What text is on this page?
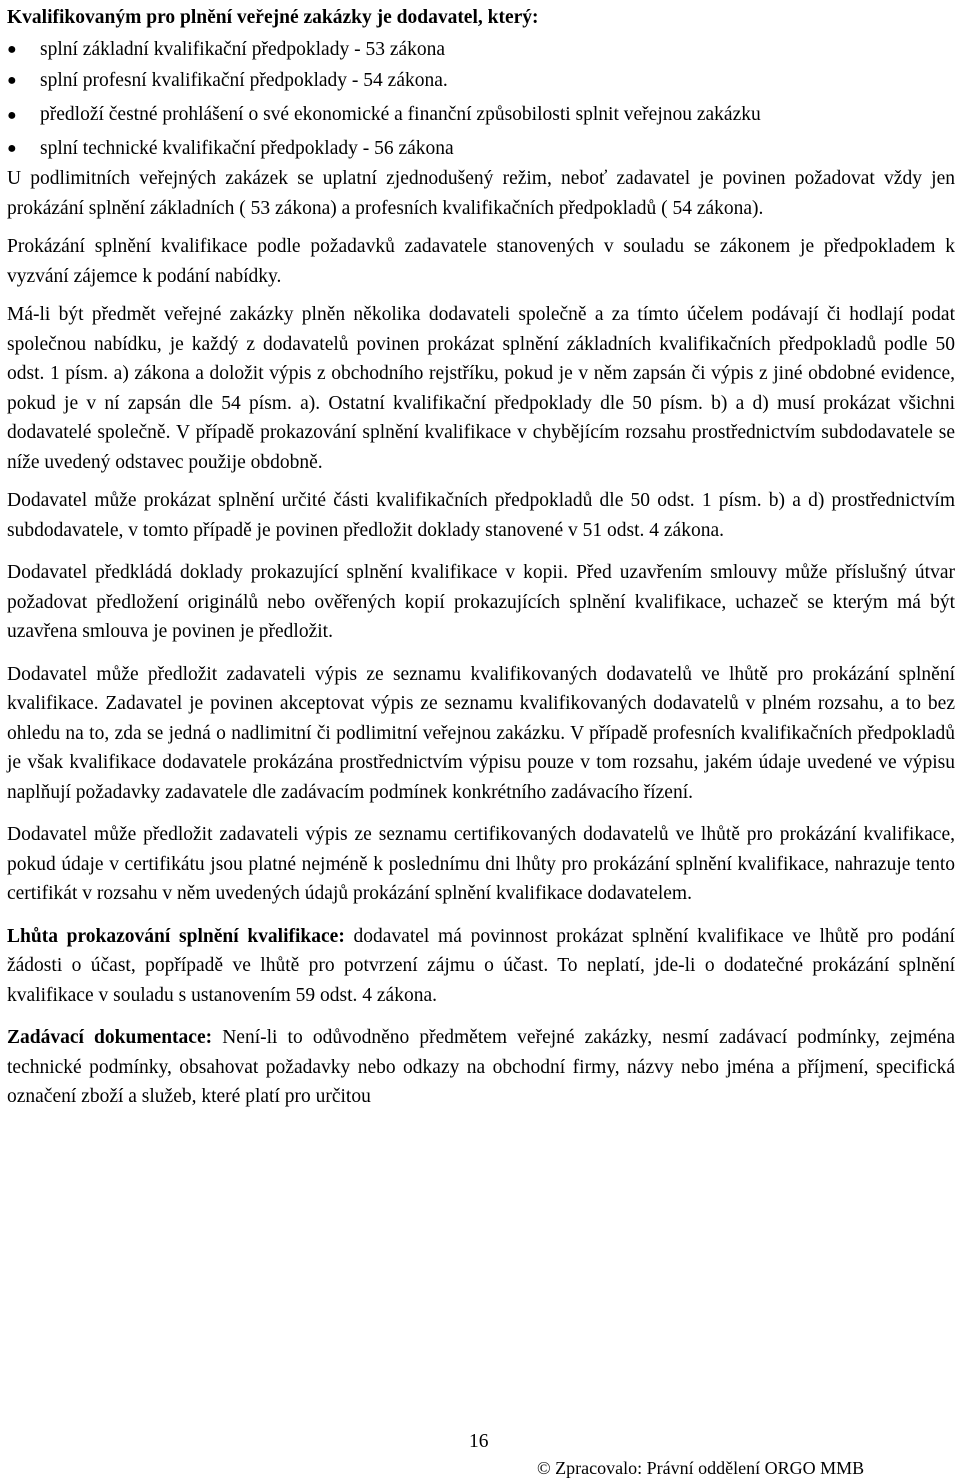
Kvalifikovaným pro plnění veřejné zakázky je dodavatel, který:

● splní základní kvalifikační předpoklady - 53 zákona
● splní profesní kvalifikační předpoklady - 54 zákona.
● předloží čestné prohlášení o své ekonomické a finanční způsobilosti splnit veřejnou zakázku
● splní technické kvalifikační předpoklady - 56 zákona

U podlimitních veřejných zakázek se uplatní zjednodušený režim, neboť zadavatel je povinen požadovat vždy jen prokázání splnění základních ( 53 zákona) a profesních kvalifikačních předpokladů ( 54 zákona).

Prokázání splnění kvalifikace podle požadavků zadavatele stanovených v souladu se zákonem je předpokladem k vyzvání zájemce k podání nabídky.

Má-li být předmět veřejné zakázky plněn několika dodavateli společně a za tímto účelem podávají či hodlají podat společnou nabídku, je každý z dodavatelů povinen prokázat splnění základních kvalifikačních předpokladů podle 50 odst. 1 písm. a) zákona a doložit výpis z obchodního rejstříku, pokud je v něm zapsán či výpis z jiné obdobné evidence, pokud je v ní zapsán dle 54 písm. a). Ostatní kvalifikační předpoklady dle 50 písm. b) a d) musí prokázat všichni dodavatelé společně. V případě prokazování splnění kvalifikace v chybějícím rozsahu prostřednictvím subdodavatele se níže uvedený odstavec použije obdobně.

Dodavatel může prokázat splnění určité části kvalifikačních předpokladů dle 50 odst. 1 písm. b) a d) prostřednictvím subdodavatele, v tomto případě je povinen předložit doklady stanovené v 51 odst. 4 zákona.

Dodavatel předkládá doklady prokazující splnění kvalifikace v kopii. Před uzavřením smlouvy může příslušný útvar požadovat předložení originálů nebo ověřených kopií prokazujících splnění kvalifikace, uchazeč se kterým má být uzavřena smlouva je povinen je předložit.

Dodavatel může předložit zadavateli výpis ze seznamu kvalifikovaných dodavatelů ve lhůtě pro prokázání splnění kvalifikace. Zadavatel je povinen akceptovat výpis ze seznamu kvalifikovaných dodavatelů v plném rozsahu, a to bez ohledu na to, zda se jedná o nadlimitní či podlimitní veřejnou zakázku. V případě profesních kvalifikačních předpokladů je však kvalifikace dodavatele prokázána prostřednictvím výpisu pouze v tom rozsahu, jakém údaje uvedené ve výpisu naplňují požadavky zadavatele dle zadávacím podmínek konkrétního zadávacího řízení.

Dodavatel může předložit zadavateli výpis ze seznamu certifikovaných dodavatelů ve lhůtě pro prokázání kvalifikace, pokud údaje v certifikátu jsou platné nejméně k poslednímu dni lhůty pro prokázání splnění kvalifikace, nahrazuje tento certifikát v rozsahu v něm uvedených údajů prokázání splnění kvalifikace dodavatelem.

Lhůta prokazování splnění kvalifikace: dodavatel má povinnost prokázat splnění kvalifikace ve lhůtě pro podání žádosti o účast, popřípadě ve lhůtě pro potvrzení zájmu o účast. To neplatí, jde-li o dodatečné prokázání splnění kvalifikace v souladu s ustanovením 59 odst. 4 zákona.

Zadávací dokumentace: Není-li to odůvodněno předmětem veřejné zakázky, nesmí zadávací podmínky, zejména technické podmínky, obsahovat požadavky nebo odkazy na obchodní firmy, názvy nebo jména a příjmení, specifická označení zboží a služeb, které platí pro určitou

16
© Zpracovalo: Právní oddělení ORGO MMB
